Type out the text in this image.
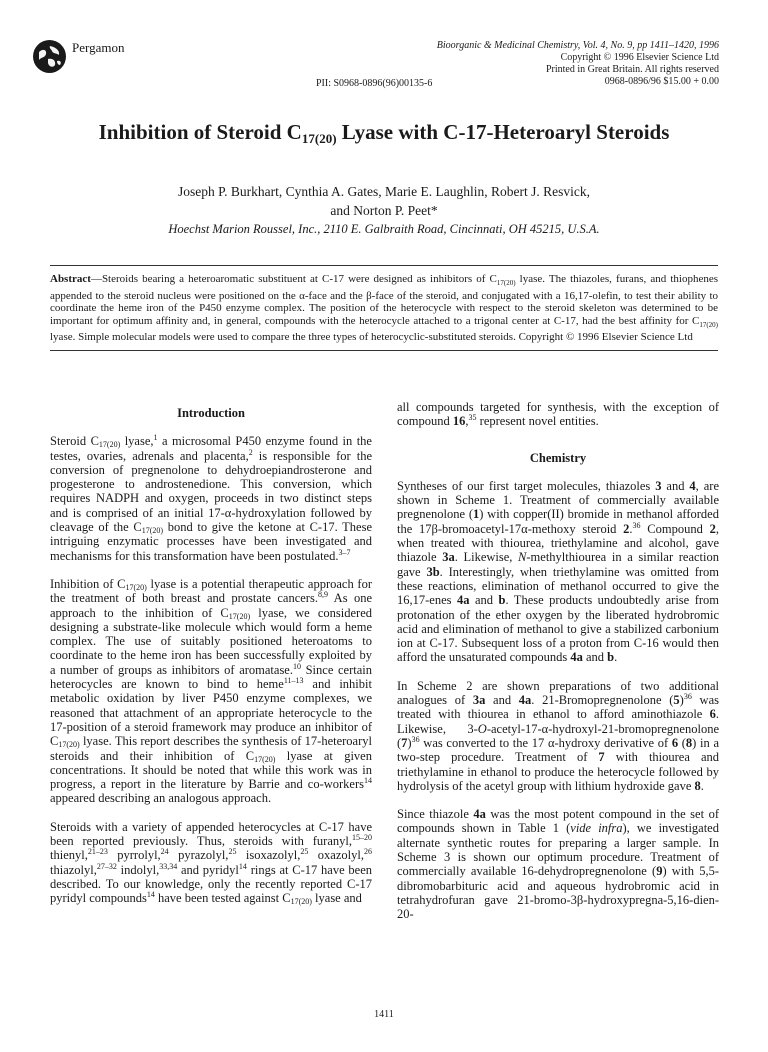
Pergamon	Bioorganic & Medicinal Chemistry, Vol. 4, No. 9, pp 1411–1420, 1996
Copyright © 1996 Elsevier Science Ltd
Printed in Great Britain. All rights reserved
0968-0896/96 $15.00 + 0.00
PII: S0968-0896(96)00135-6
Inhibition of Steroid $C_{17(20)}$ Lyase with C-17-Heteroaryl Steroids
Joseph P. Burkhart, Cynthia A. Gates, Marie E. Laughlin, Robert J. Resvick,
and Norton P. Peet*
Hoechst Marion Roussel, Inc., 2110 E. Galbraith Road, Cincinnati, OH 45215, U.S.A.
Abstract—Steroids bearing a heteroaromatic substituent at C-17 were designed as inhibitors of $C_{17(20)}$ lyase. The thiazoles, furans, and thiophenes appended to the steroid nucleus were positioned on the α-face and the β-face of the steroid, and conjugated with a 16,17-olefin, to test their ability to coordinate the heme iron of the P450 enzyme complex. The position of the heterocycle with respect to the steroid skeleton was determined to be important for optimum affinity and, in general, compounds with the heterocycle attached to a trigonal center at C-17, had the best affinity for $C_{17(20)}$ lyase. Simple molecular models were used to compare the three types of heterocyclic-substituted steroids. Copyright © 1996 Elsevier Science Ltd
Introduction

Steroid $C_{17(20)}$ lyase,$^1$ a microsomal P450 enzyme found in the testes, ovaries, adrenals and placenta,$^2$ is responsible for the conversion of pregnenolone to dehydroepiandrosterone and progesterone to androstenedione. This conversion, which requires NADPH and oxygen, proceeds in two distinct steps and is comprised of an initial 17-α-hydroxylation followed by cleavage of the $C_{17(20)}$ bond to give the ketone at C-17. These intriguing enzymatic processes have been investigated and mechanisms for this transformation have been postulated.$^{3-7}$

Inhibition of $C_{17(20)}$ lyase is a potential therapeutic approach for the treatment of both breast and prostate cancers.$^{8,9}$ As one approach to the inhibition of $C_{17(20)}$ lyase, we considered designing a substrate-like molecule which would form a heme complex. The use of suitably positioned heteroatoms to coordinate to the heme iron has been successfully exploited by a number of groups as inhibitors of aromatase.$^{10}$ Since certain heterocycles are known to bind to heme$^{11-13}$ and inhibit metabolic oxidation by liver P450 enzyme complexes, we reasoned that attachment of an appropriate heterocycle to the 17-position of a steroid framework may produce an inhibitor of $C_{17(20)}$ lyase. This report describes the synthesis of 17-heteroaryl steroids and their inhibition of $C_{17(20)}$ lyase at given concentrations. It should be noted that while this work was in progress, a report in the literature by Barrie and co-workers$^{14}$ appeared describing an analogous approach.

Steroids with a variety of appended heterocycles at C-17 have been reported previously. Thus, steroids with furanyl,$^{15-20}$ thienyl,$^{21-23}$ pyrrolyl,$^{24}$ pyrazolyl,$^{25}$ isoxazolyl,$^{25}$ oxazolyl,$^{26}$ thiazolyl,$^{27-32}$ indolyl,$^{33,34}$ and pyridyl$^{14}$ rings at C-17 have been described. To our knowledge, only the recently reported C-17 pyridyl compounds$^{14}$ have been tested against $C_{17(20)}$ lyase and

all compounds targeted for synthesis, with the exception of compound 16,35 represent novel entities.

Chemistry

Syntheses of our first target molecules, thiazoles 3 and 4, are shown in Scheme 1. Treatment of commercially available pregnenolone (1) with copper(II) bromide in methanol afforded the 17β-bromoacetyl-17α-methoxy steroid 2.36 Compound 2, when treated with thiourea, triethylamine and alcohol, gave thiazole 3a. Likewise, N-methylthiourea in a similar reaction gave 3b. Interestingly, when triethylamine was omitted from these reactions, elimination of methanol occurred to give the 16,17-enes 4a and b. These products undoubtedly arise from protonation of the ether oxygen by the liberated hydrobromic acid and elimination of methanol to give a stabilized carbonium ion at C-17. Subsequent loss of a proton from C-16 would then afford the unsaturated compounds 4a and b.

In Scheme 2 are shown preparations of two additional analogues of 3a and 4a. 21-Bromopregnenolone $(5)^{36}$ was treated with thiourea in ethanol to afford aminothiazole 6. Likewise, 3-O-acetyl-17-α-hydroxyl-21-bromopregnenolone $(7)^{36}$ was converted to the 17 α-hydroxy derivative of 6 (8) in a two-step procedure. Treatment of 7 with thiourea and triethylamine in ethanol to produce the heterocycle followed by hydrolysis of the acetyl group with lithium hydroxide gave 8.

Since thiazole 4a was the most potent compound in the set of compounds shown in Table 1 (vide infra), we investigated alternate synthetic routes for preparing a larger sample. In Scheme 3 is shown our optimum procedure. Treatment of commercially available 16-dehydropregnenolone (9) with 5,5-dibromobarbituric acid and aqueous hydrobromic acid in tetrahydrofuran gave 21-bromo-3β-hydroxypregna-5,16-dien-20-

1411
